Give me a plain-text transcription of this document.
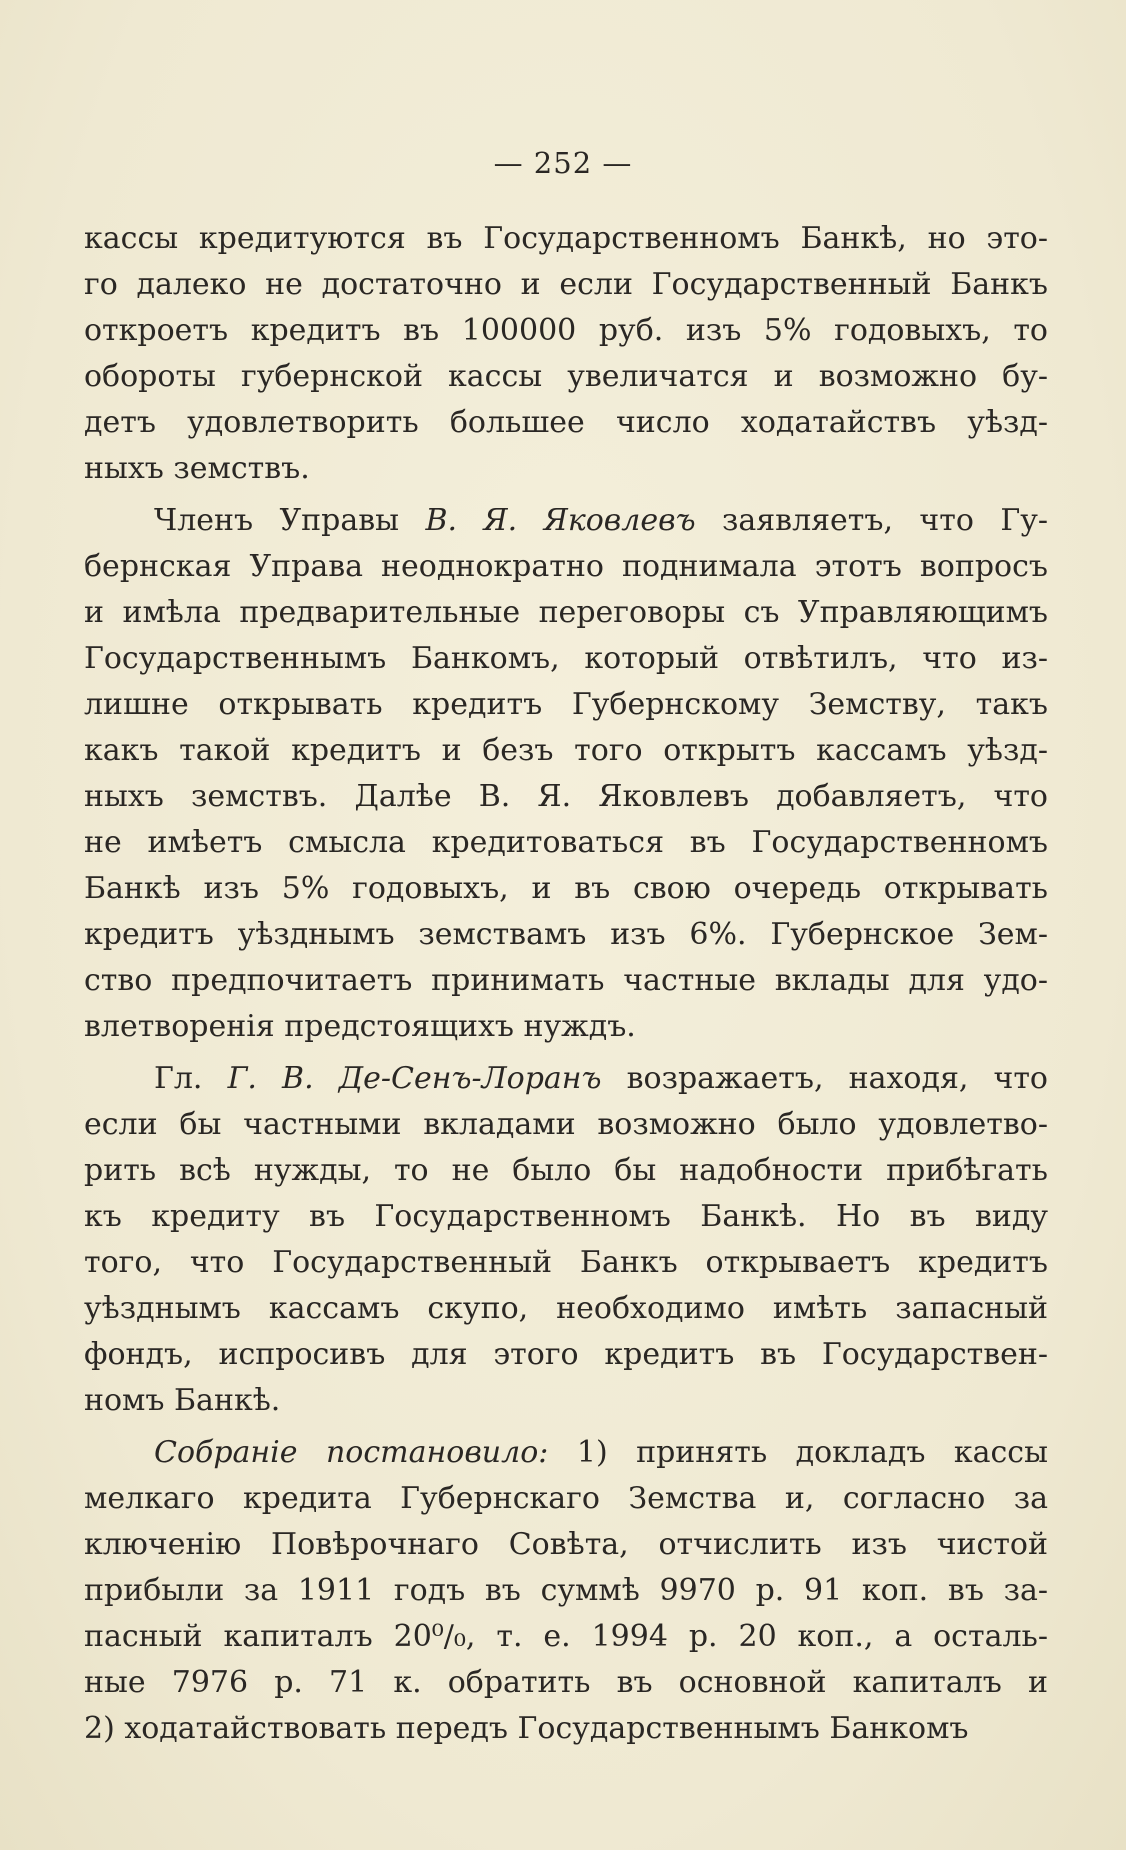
— 252 —
кассы кредитуются въ Государственномъ Банкѣ, но это-
го далеко не достаточно и если Государственный Банкъ
откроетъ кредитъ въ 100000 руб. изъ 5% годовыхъ, то
обороты губернской кассы увеличатся и возможно бу-
детъ удовлетворить большее число ходатайствъ уѣзд-
ныхъ земствъ.
Членъ Управы В. Я. Яковлевъ заявляетъ, что Гу-
бернская Управа неоднократно поднимала этотъ вопросъ
и имѣла предварительные переговоры съ Управляющимъ
Государственнымъ Банкомъ, который отвѣтилъ, что из-
лишне открывать кредитъ Губернскому Земству, такъ
какъ такой кредитъ и безъ того открытъ кассамъ уѣзд-
ныхъ земствъ. Далѣе В. Я. Яковлевъ добавляетъ, что
не имѣетъ смысла кредитоваться въ Государственномъ
Банкѣ изъ 5% годовыхъ, и въ свою очередь открывать
кредитъ уѣзднымъ земствамъ изъ 6%. Губернское Зем-
ство предпочитаетъ принимать частные вклады для удо-
влетворенія предстоящихъ нуждъ.
Гл. Г. В. Де-Сенъ-Лоранъ возражаетъ, находя, что
если бы частными вкладами возможно было удовлетво-
рить всѣ нужды, то не было бы надобности прибѣгать
къ кредиту въ Государственномъ Банкѣ. Но въ виду
того, что Государственный Банкъ открываетъ кредитъ
уѣзднымъ кассамъ скупо, необходимо имѣть запасный
фондъ, испросивъ для этого кредитъ въ Государствен-
номъ Банкѣ.
Собраніе постановило: 1) принять докладъ кассы
мелкаго кредита Губернскаго Земства и, согласно за
ключенію Повѣрочнаго Совѣта, отчислить изъ чистой
прибыли за 1911 годъ въ суммѣ 9970 р. 91 коп. въ за-
пасный капиталъ 20⁰/₀, т. е. 1994 р. 20 коп., а осталь-
ные 7976 р. 71 к. обратить въ основной капиталъ и
2) ходатайствовать передъ Государственнымъ Банкомъ
